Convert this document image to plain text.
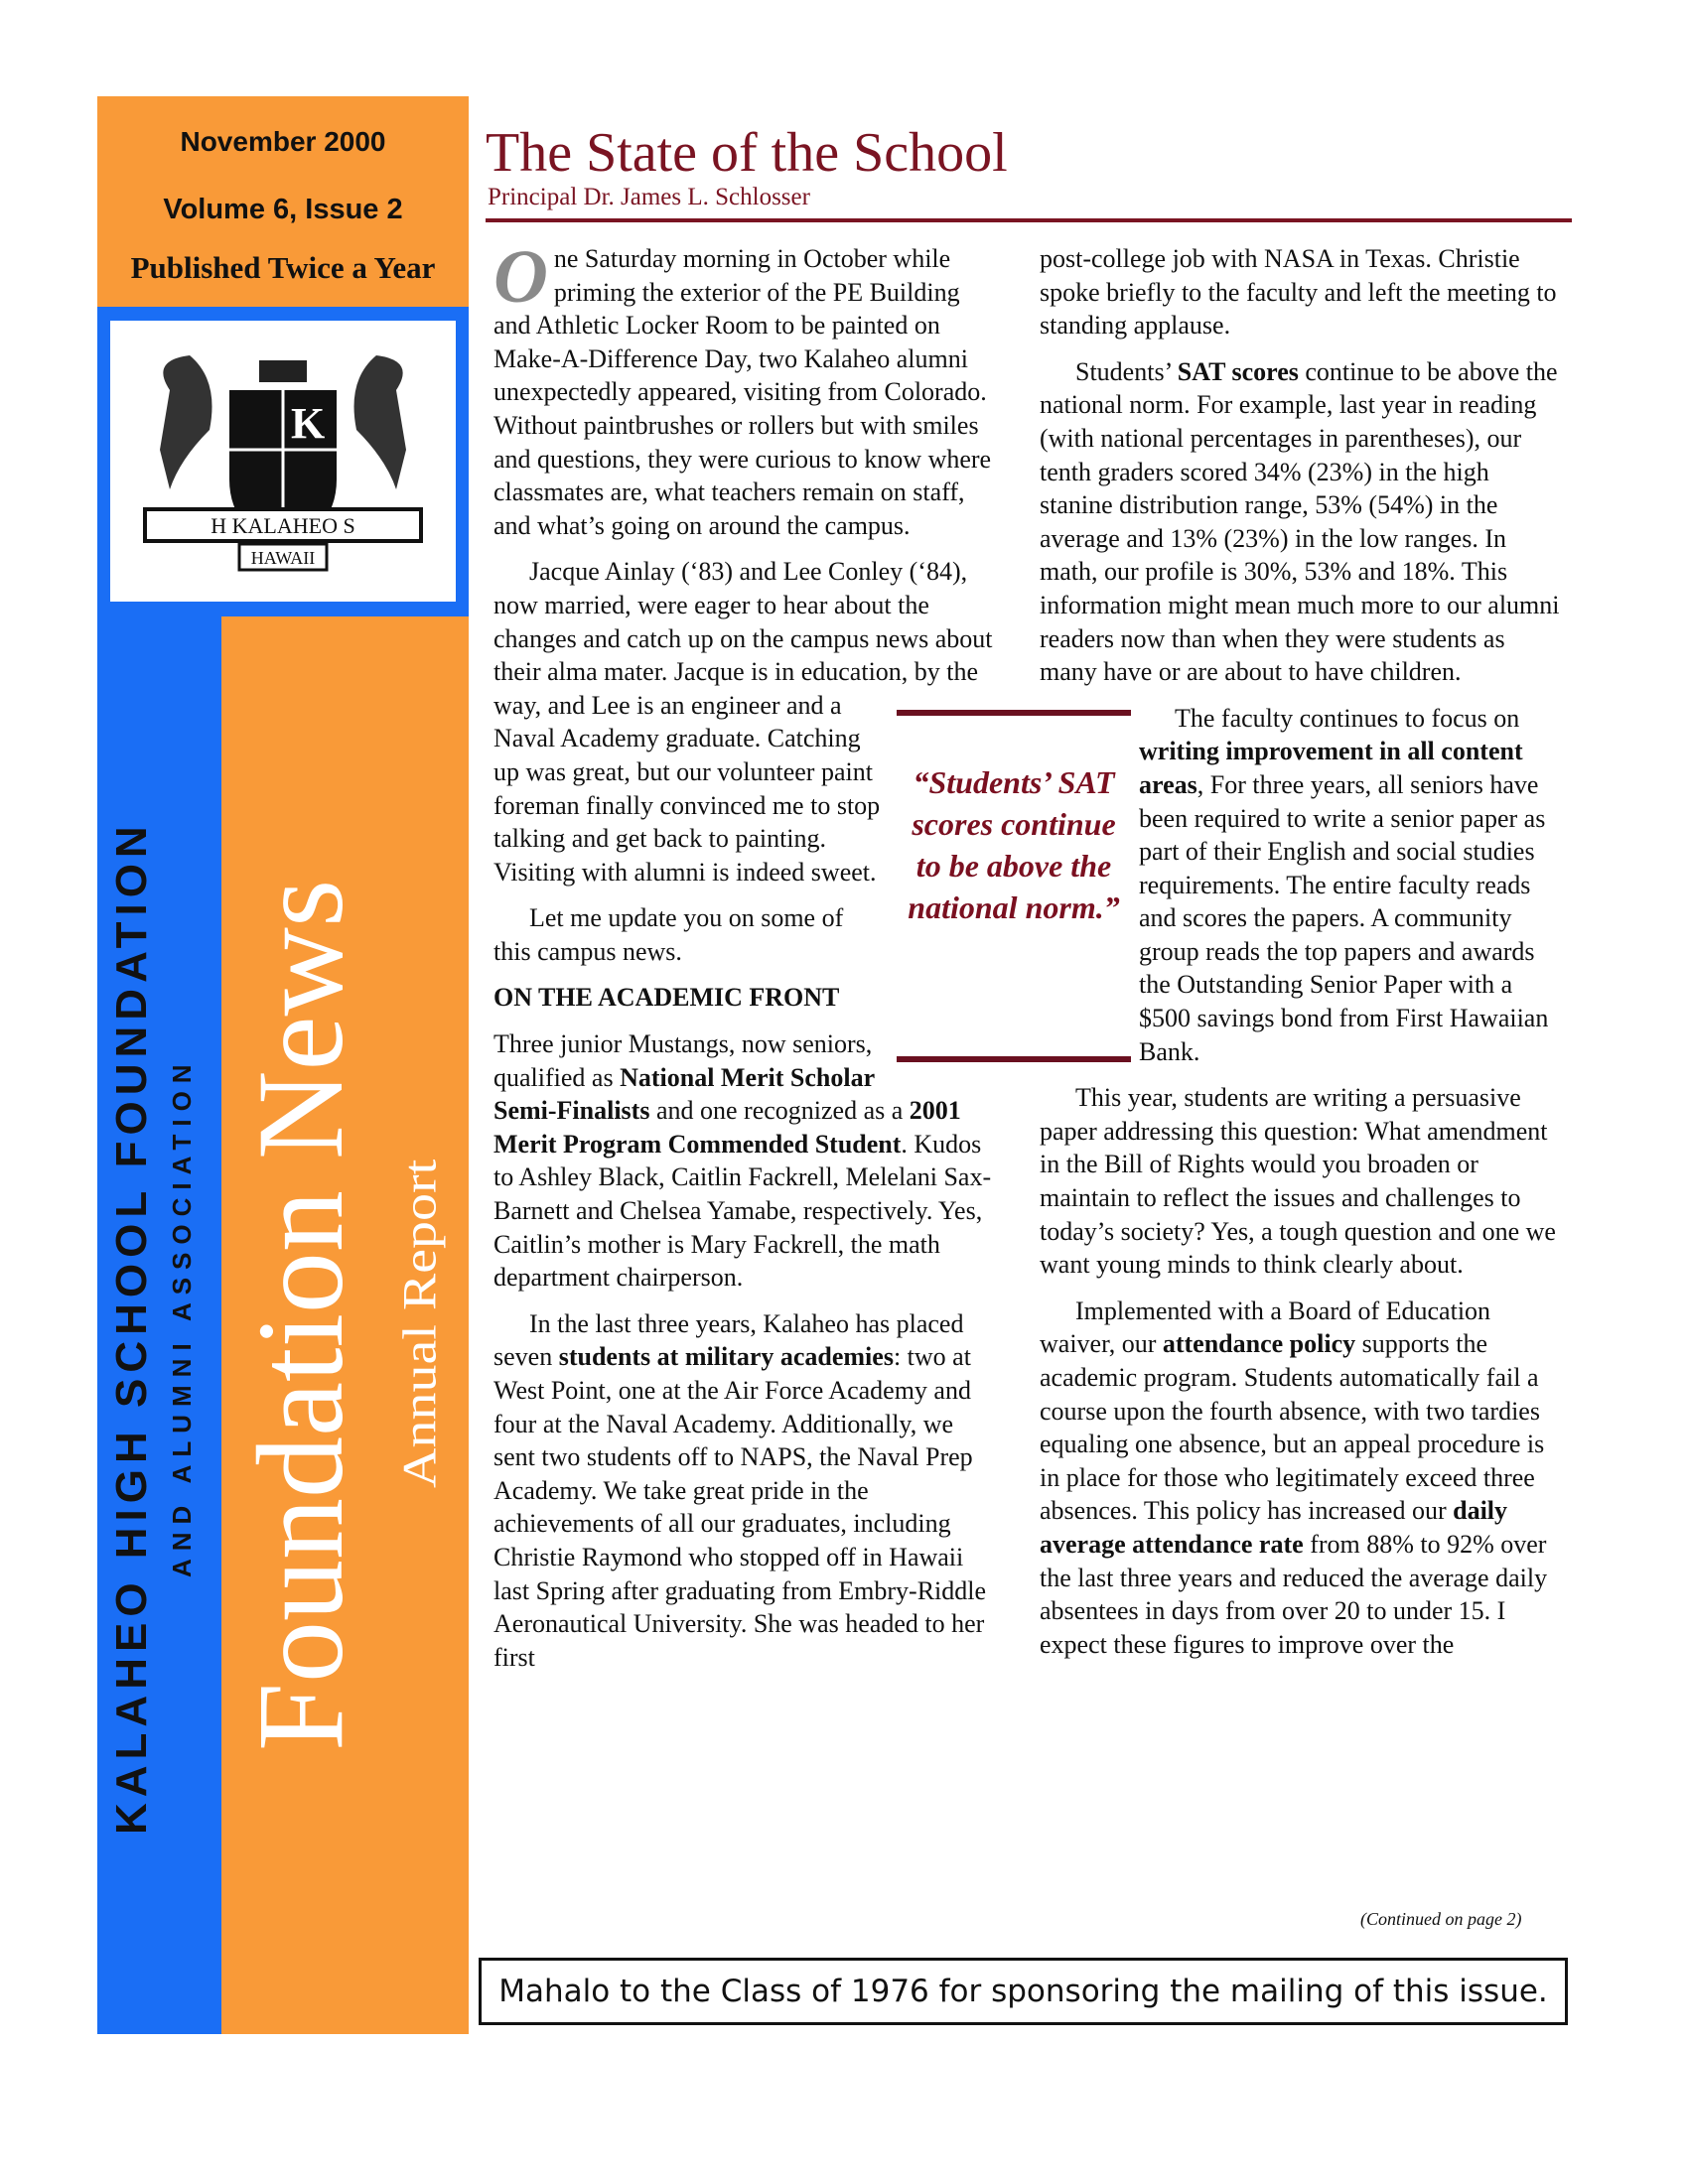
November 2000
Volume 6, Issue 2
Published Twice a Year
K
H KALAHEO S
HAWAII
KALAHEO HIGH SCHOOL FOUNDATION AND ALUMNI ASSOCIATION Foundation News Annual Report
The State of the School
Principal Dr. James L. Schlosser
O ne Saturday morning in October while priming the exterior of the PE Building and Athletic Locker Room to be painted on Make-A-Difference Day, two Kalaheo alumni unexpectedly appeared, visiting from Colorado. Without paintbrushes or rollers but with smiles and questions, they were curious to know where classmates are, what teachers remain on staff, and what’s going on around the campus.

Jacque Ainlay (‘83) and Lee Conley (‘84), now married, were eager to hear about the changes and catch up on the campus news about their alma mater. Jacque is in education, by the way, and Lee is an engineer and a Naval Academy graduate. Catching up was great, but our volunteer paint foreman finally convinced me to stop talking and get back to painting. Visiting with alumni is indeed sweet.

Let me update you on some of this campus news.

ON THE ACADEMIC FRONT

Three junior Mustangs, now seniors, qualified as National Merit Scholar Semi-Finalists and one recognized as a 2001 Merit Program Commended Student. Kudos to Ashley Black, Caitlin Fackrell, Melelani Sax-Barnett and Chelsea Yamabe, respectively. Yes, Caitlin’s mother is Mary Fackrell, the math department chairperson.

In the last three years, Kalaheo has placed seven students at military academies: two at West Point, one at the Air Force Academy and four at the Naval Academy. Additionally, we sent two students off to NAPS, the Naval Prep Academy. We take great pride in the achievements of all our graduates, including Christie Raymond who stopped off in Hawaii last Spring after graduating from Embry-Riddle Aeronautical University. She was headed to her first

post-college job with NASA in Texas. Christie spoke briefly to the faculty and left the meeting to standing applause.

Students’ SAT scores continue to be above the national norm. For example, last year in reading (with national percentages in parentheses), our tenth graders scored 34% (23%) in the high stanine distribution range, 53% (54%) in the average and 13% (23%) in the low ranges. In math, our profile is 30%, 53% and 18%. This information might mean much more to our alumni readers now than when they were students as many have or are about to have children.

The faculty continues to focus on writing improvement in all content areas, For three years, all seniors have been required to write a senior paper as part of their English and social studies requirements. The entire faculty reads and scores the papers. A community group reads the top papers and awards the Outstanding Senior Paper with a $500 savings bond from First Hawaiian Bank.

This year, students are writing a persuasive paper addressing this question: What amendment in the Bill of Rights would you broaden or maintain to reflect the issues and challenges to today’s society? Yes, a tough question and one we want young minds to think clearly about.

Implemented with a Board of Education waiver, our attendance policy supports the academic program. Students automatically fail a course upon the fourth absence, with two tardies equaling one absence, but an appeal procedure is in place for those who legitimately exceed three absences. This policy has increased our daily average attendance rate from 88% to 92% over the last three years and reduced the average daily absentees in days from over 20 to under 15. I expect these figures to improve over the

“Students’ SAT scores continue to be above the national norm.”
(Continued on page 2)
Mahalo to the Class of 1976 for sponsoring the mailing of this issue.
